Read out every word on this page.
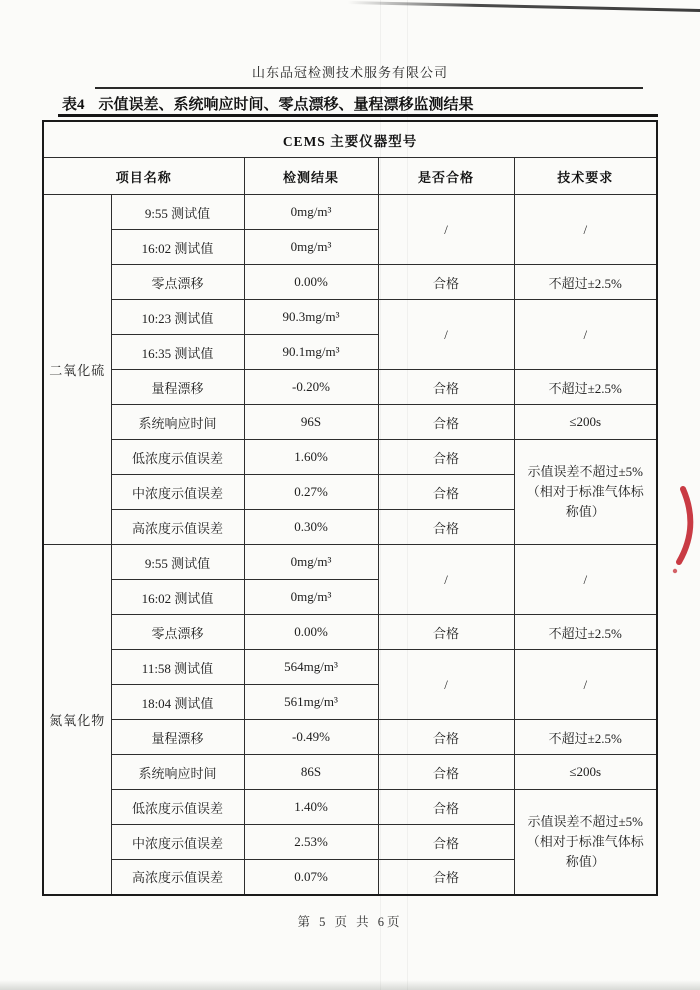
山东品冠检测技术服务有限公司
表4 示值误差、系统响应时间、零点漂移、量程漂移监测结果
CEMS 主要仪器型号				
项目名称		检测结果	是否合格	技术要求
二氧化硫	9:55 测试值	0mg/m³	/	/
	16:02 测试值	0mg/m³		
	零点漂移	0.00%	合格	不超过±2.5%
	10:23 测试值	90.3mg/m³	/	/
	16:35 测试值	90.1mg/m³		
	量程漂移	-0.20%	合格	不超过±2.5%
	系统响应时间	96S	合格	≤200s
	低浓度示值误差	1.60%	合格	示值误差不超过±5%（相对于标准气体标称值）
	中浓度示值误差	0.27%	合格	
	高浓度示值误差	0.30%	合格	
氮氧化物	9:55 测试值	0mg/m³	/	/
	16:02 测试值	0mg/m³		
	零点漂移	0.00%	合格	不超过±2.5%
	11:58 测试值	564mg/m³	/	/
	18:04 测试值	561mg/m³		
	量程漂移	-0.49%	合格	不超过±2.5%
	系统响应时间	86S	合格	≤200s
	低浓度示值误差	1.40%	合格	示值误差不超过±5%（相对于标准气体标称值）
	中浓度示值误差	2.53%	合格	
	高浓度示值误差	0.07%	合格	
第 5 页 共 6页
